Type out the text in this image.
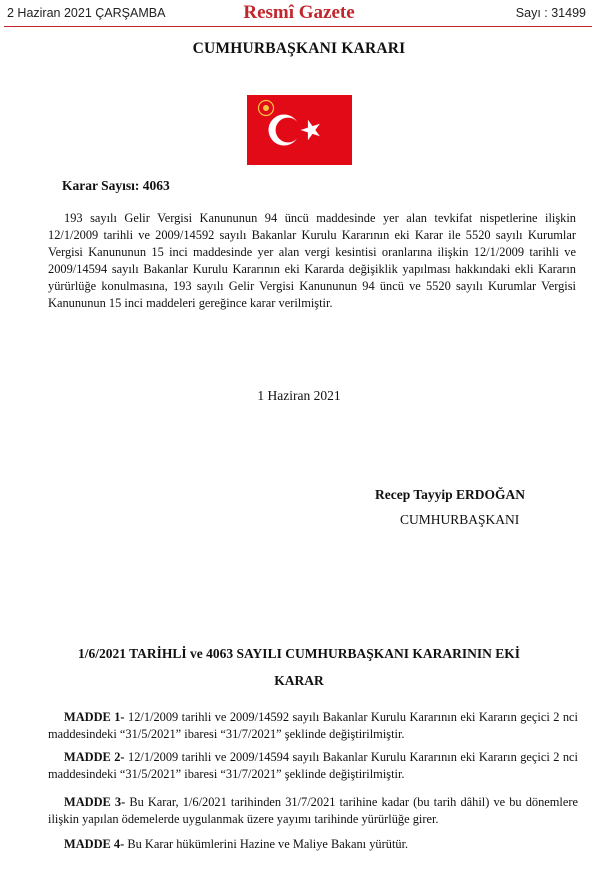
2 Haziran 2021 ÇARŞAMBA	Resmî Gazete	Sayı : 31499
CUMHURBAŞKANI KARARI
Karar Sayısı: 4063
193 sayılı Gelir Vergisi Kanununun 94 üncü maddesinde yer alan tevkifat nispetlerine ilişkin 12/1/2009 tarihli ve 2009/14592 sayılı Bakanlar Kurulu Kararının eki Karar ile 5520 sayılı Kurumlar Vergisi Kanununun 15 inci maddesinde yer alan vergi kesintisi oranlarına ilişkin 12/1/2009 tarihli ve 2009/14594 sayılı Bakanlar Kurulu Kararının eki Kararda değişiklik yapılması hakkındaki ekli Kararın yürürlüğe konulmasına, 193 sayılı Gelir Vergisi Kanununun 94 üncü ve 5520 sayılı Kurumlar Vergisi Kanununun 15 inci maddeleri gereğince karar verilmiştir.
1 Haziran 2021
Recep Tayyip ERDOĞAN
CUMHURBAŞKANI
1/6/2021 TARİHLİ ve 4063 SAYILI CUMHURBAŞKANI KARARININ EKİ
KARAR
MADDE 1- 12/1/2009 tarihli ve 2009/14592 sayılı Bakanlar Kurulu Kararının eki Kararın geçici 2 nci maddesindeki “31/5/2021” ibaresi “31/7/2021” şeklinde değiştirilmiştir.
MADDE 2- 12/1/2009 tarihli ve 2009/14594 sayılı Bakanlar Kurulu Kararının eki Kararın geçici 2 nci maddesindeki “31/5/2021” ibaresi “31/7/2021” şeklinde değiştirilmiştir.
MADDE 3- Bu Karar, 1/6/2021 tarihinden 31/7/2021 tarihine kadar (bu tarih dâhil) ve bu dönemlere ilişkin yapılan ödemelerde uygulanmak üzere yayımı tarihinde yürürlüğe girer.
MADDE 4- Bu Karar hükümlerini Hazine ve Maliye Bakanı yürütür.
